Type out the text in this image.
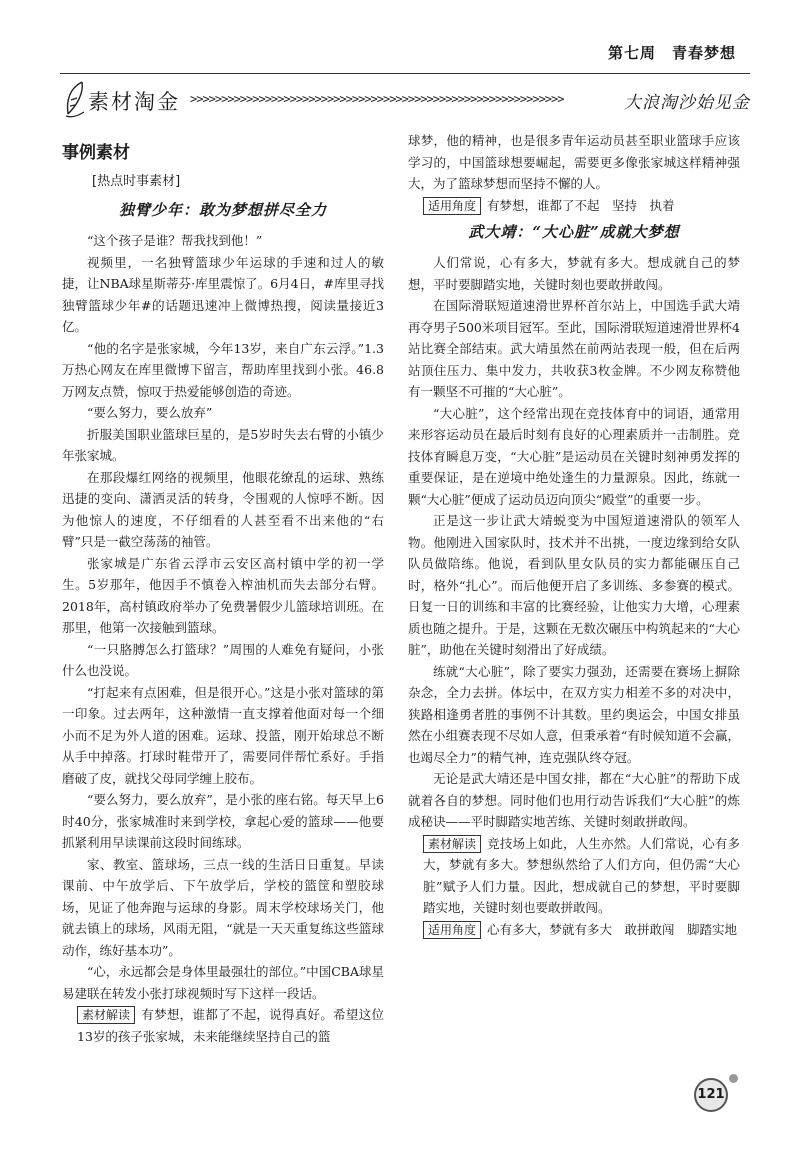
第七周　青春梦想
素材淘金 >>>>>>>>>>>>>>>>>>>>>>>>>>>>>>>>>>>>>>>>>>>>>>>>>>>>>>>>>>>>	大浪淘沙始见金
事例素材
[热点时事素材]
独臂少年：敢为梦想拼尽全力

“这个孩子是谁？帮我找到他！”

视频里，一名独臂篮球少年运球的手速和过人的敏捷，让NBA球星斯蒂芬·库里震惊了。6月4日，#库里寻找独臂篮球少年#的话题迅速冲上微博热搜，阅读量接近3亿。

“他的名字是张家城，今年13岁，来自广东云浮。”1.3万热心网友在库里微博下留言，帮助库里找到小张。46.8万网友点赞，惊叹于热爱能够创造的奇迹。

“要么努力，要么放弃”

折服美国职业篮球巨星的，是5岁时失去右臂的小镇少年张家城。

在那段爆红网络的视频里，他眼花缭乱的运球、熟练迅捷的变向、潇洒灵活的转身，令围观的人惊呼不断。因为他惊人的速度，不仔细看的人甚至看不出来他的“右臂”只是一截空荡荡的袖管。

张家城是广东省云浮市云安区高村镇中学的初一学生。5岁那年，他因手不慎卷入榨油机而失去部分右臂。2018年，高村镇政府举办了免费暑假少儿篮球培训班。在那里，他第一次接触到篮球。

“一只胳膊怎么打篮球？”周围的人难免有疑问，小张什么也没说。

“打起来有点困难，但是很开心。”这是小张对篮球的第一印象。过去两年，这种激情一直支撑着他面对每一个细小而不足为外人道的困难。运球、投篮，刚开始球总不断从手中掉落。打球时鞋带开了，需要同伴帮忙系好。手指磨破了皮，就找父母同学缠上胶布。

“要么努力，要么放弃”，是小张的座右铭。每天早上6时40分，张家城准时来到学校，拿起心爱的篮球——他要抓紧利用早读课前这段时间练球。

家、教室、篮球场，三点一线的生活日日重复。早读课前、中午放学后、下午放学后，学校的篮筐和塑胶球场，见证了他奔跑与运球的身影。周末学校球场关门，他就去镇上的球场，风雨无阻，“就是一天天重复练这些篮球动作，练好基本功”。

“心，永远都会是身体里最强壮的部位。”中国CBA球星易建联在转发小张打球视频时写下这样一段话。

素材解读 有梦想，谁都了不起，说得真好。希望这位13岁的孩子张家城，未来能继续坚持自己的篮

球梦，他的精神，也是很多青年运动员甚至职业篮球手应该学习的，中国篮球想要崛起，需要更多像张家城这样精神强大，为了篮球梦想而坚持不懈的人。

适用角度 有梦想，谁都了不起　坚持　执着

武大靖：“大心脏”成就大梦想

人们常说，心有多大，梦就有多大。想成就自己的梦想，平时要脚踏实地，关键时刻也要敢拼敢闯。

在国际滑联短道速滑世界杯首尔站上，中国选手武大靖再夺男子500米项目冠军。至此，国际滑联短道速滑世界杯4站比赛全部结束。武大靖虽然在前两站表现一般，但在后两站顶住压力、集中发力，共收获3枚金牌。不少网友称赞他有一颗坚不可摧的“大心脏”。

“大心脏”，这个经常出现在竞技体育中的词语，通常用来形容运动员在最后时刻有良好的心理素质并一击制胜。竞技体育瞬息万变，“大心脏”是运动员在关键时刻神勇发挥的重要保证，是在逆境中绝处逢生的力量源泉。因此，练就一颗“大心脏”便成了运动员迈向顶尖“殿堂”的重要一步。

正是这一步让武大靖蜕变为中国短道速滑队的领军人物。他刚进入国家队时，技术并不出挑，一度边缘到给女队队员做陪练。他说，看到队里女队员的实力都能碾压自己时，格外“扎心”。而后他便开启了多训练、多参赛的模式。日复一日的训练和丰富的比赛经验，让他实力大增，心理素质也随之提升。于是，这颗在无数次碾压中构筑起来的“大心脏”，助他在关键时刻滑出了好成绩。

练就“大心脏”，除了要实力强劲，还需要在赛场上摒除杂念，全力去拼。体坛中，在双方实力相差不多的对决中，狭路相逢勇者胜的事例不计其数。里约奥运会，中国女排虽然在小组赛表现不尽如人意，但秉承着“有时候知道不会赢，也竭尽全力”的精气神，连克强队终夺冠。

无论是武大靖还是中国女排，都在“大心脏”的帮助下成就着各自的梦想。同时他们也用行动告诉我们“大心脏”的炼成秘诀——平时脚踏实地苦练、关键时刻敢拼敢闯。

素材解读 竞技场上如此，人生亦然。人们常说，心有多大，梦就有多大。梦想纵然给了人们方向，但仍需“大心脏”赋予人们力量。因此，想成就自己的梦想，平时要脚踏实地，关键时刻也要敢拼敢闯。

适用角度 心有多大，梦就有多大　敢拼敢闯　脚踏实地

121
